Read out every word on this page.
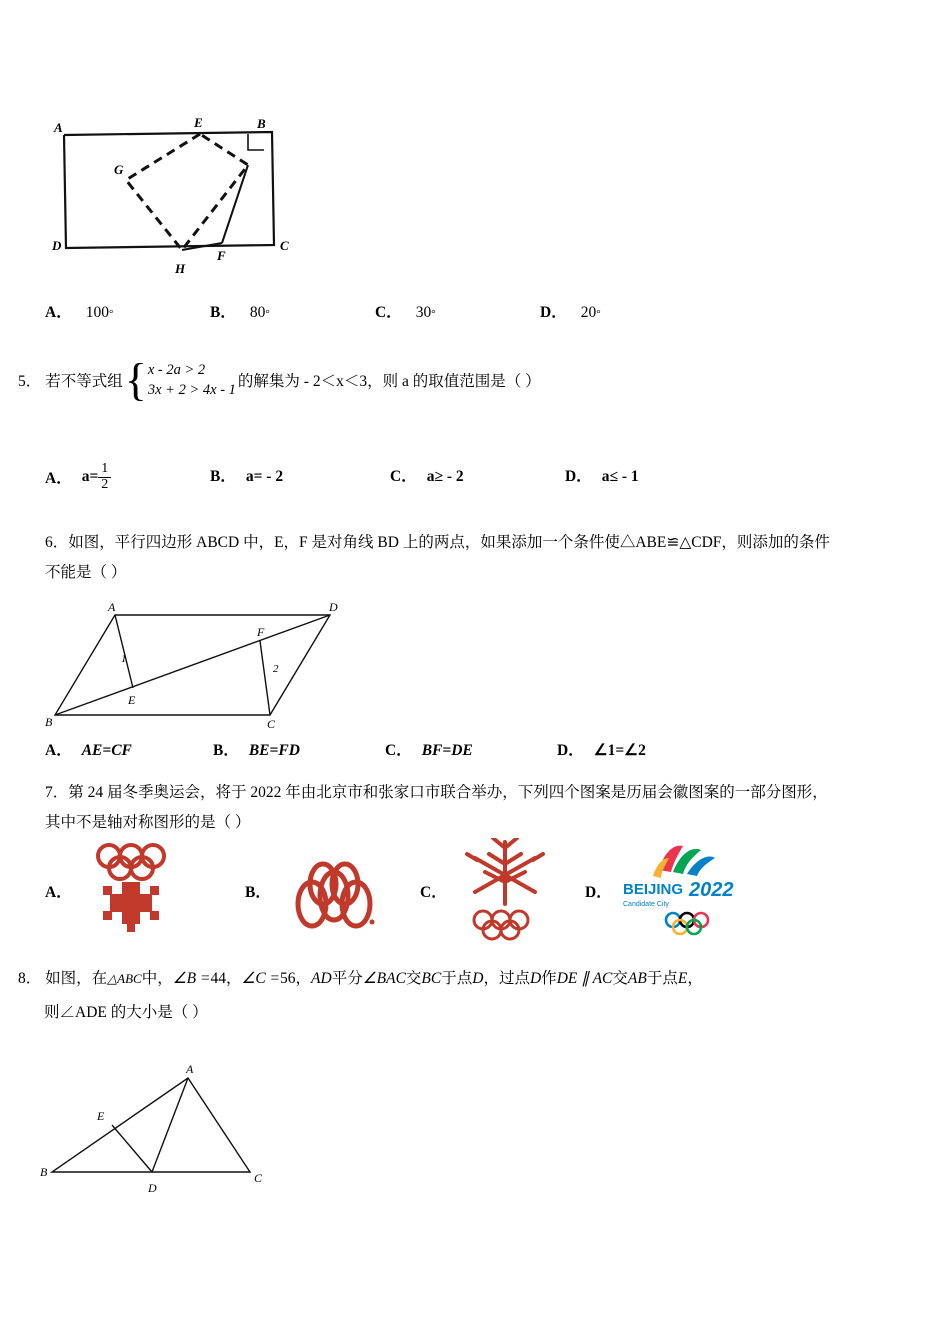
A	E	B
G
D
F
C
H
A． 100 °	B． 80 °	C． 30 °	D． 20 °
5． 若不等式组 { x - 2a > 2
3x + 2 > 4x - 1 的解集为 - 2＜x＜3，则 a 的取值范围是（ ）
A． $a= \frac{1}{2}$	B． a= - 2	C． a≥ - 2	D． a≤ - 1
6．如图，平行四边形 ABCD 中，E，F 是对角线 BD 上的两点，如果添加一个条件使△ABE≌△CDF，则添加的条件
不能是（ ）
A	D
F
1
2
B
E
C
A． AE=CF	B． BE=FD	C． BF=DE	D． ∠1=∠2
7．第 24 届冬季奥运会，将于 2022 年由北京市和张家口市联合举办，下列四个图案是历届会徽图案的一部分图形，
其中不是轴对称图形的是（ ）
A．	B．	C．	D． BEIJING 2022
Candidate City
8． 如图，在△ABC中，∠B =44，∠C =56，AD平分∠BAC交BC于点D，过点D作DE ∥ AC交AB于点E，
则∠ADE 的大小是（ ）
A
E
B
D
C
